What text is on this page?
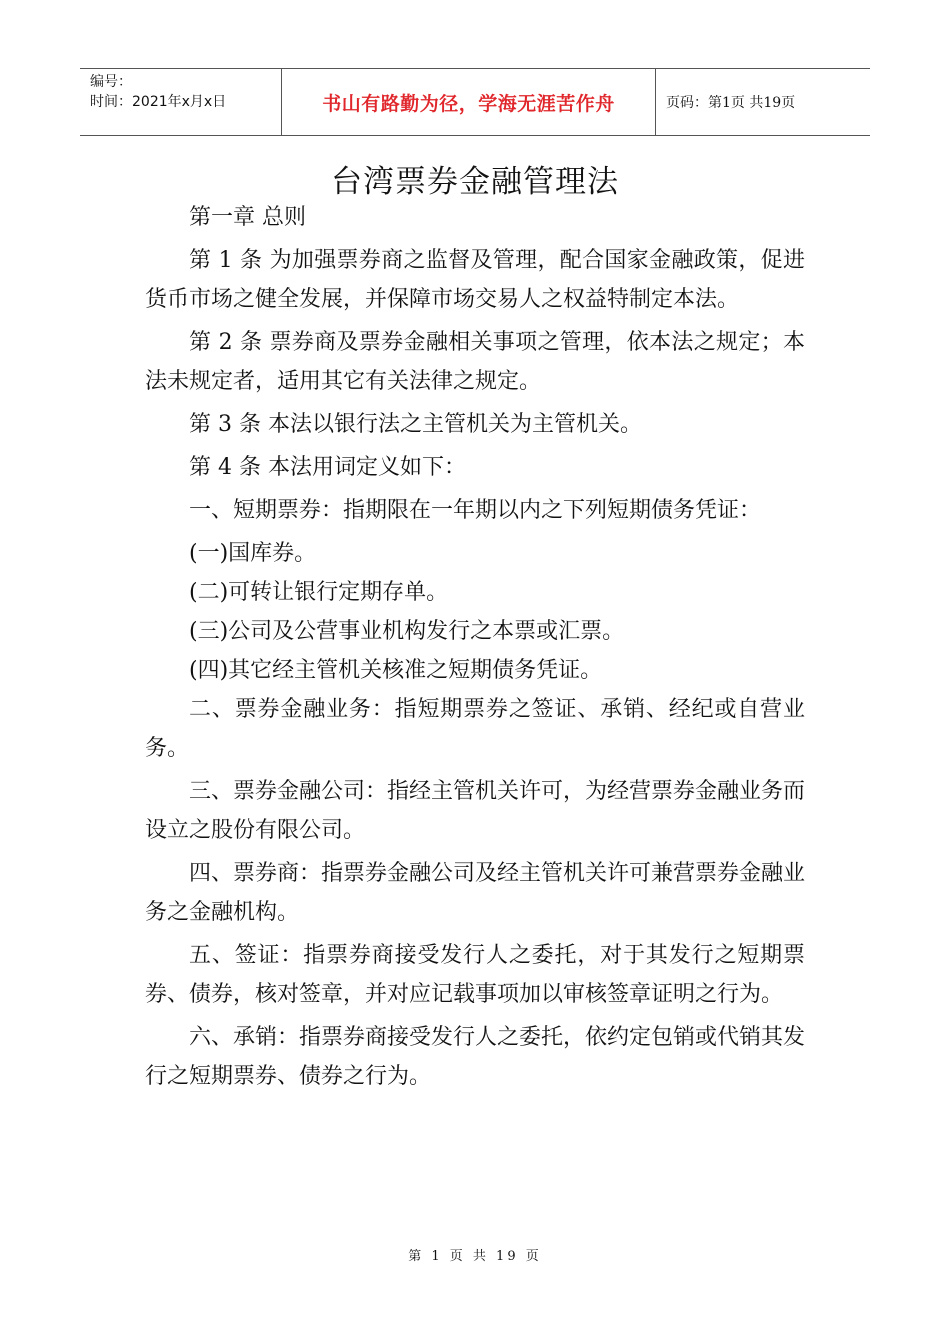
编号：
时间：2021年x月x日	书山有路勤为径，学海无涯苦作舟	页码：第1页 共19页
台湾票券金融管理法

第一章 总则

第 1 条 为加强票券商之监督及管理，配合国家金融政策，促进货币市场之健全发展，并保障市场交易人之权益特制定本法。

第 2 条 票券商及票券金融相关事项之管理，依本法之规定；本法未规定者，适用其它有关法律之规定。

第 3 条 本法以银行法之主管机关为主管机关。

第 4 条 本法用词定义如下：

一、短期票券：指期限在一年期以内之下列短期债务凭证：

(一)国库券。

(二)可转让银行定期存单。

(三)公司及公营事业机构发行之本票或汇票。

(四)其它经主管机关核准之短期债务凭证。

二、票券金融业务：指短期票券之签证、承销、经纪或自营业务。

三、票券金融公司：指经主管机关许可，为经营票券金融业务而设立之股份有限公司。

四、票券商：指票券金融公司及经主管机关许可兼营票券金融业务之金融机构。

五、签证：指票券商接受发行人之委托，对于其发行之短期票券、债券，核对签章，并对应记载事项加以审核签章证明之行为。

六、承销：指票券商接受发行人之委托，依约定包销或代销其发行之短期票券、债券之行为。

第 1 页 共 19 页
